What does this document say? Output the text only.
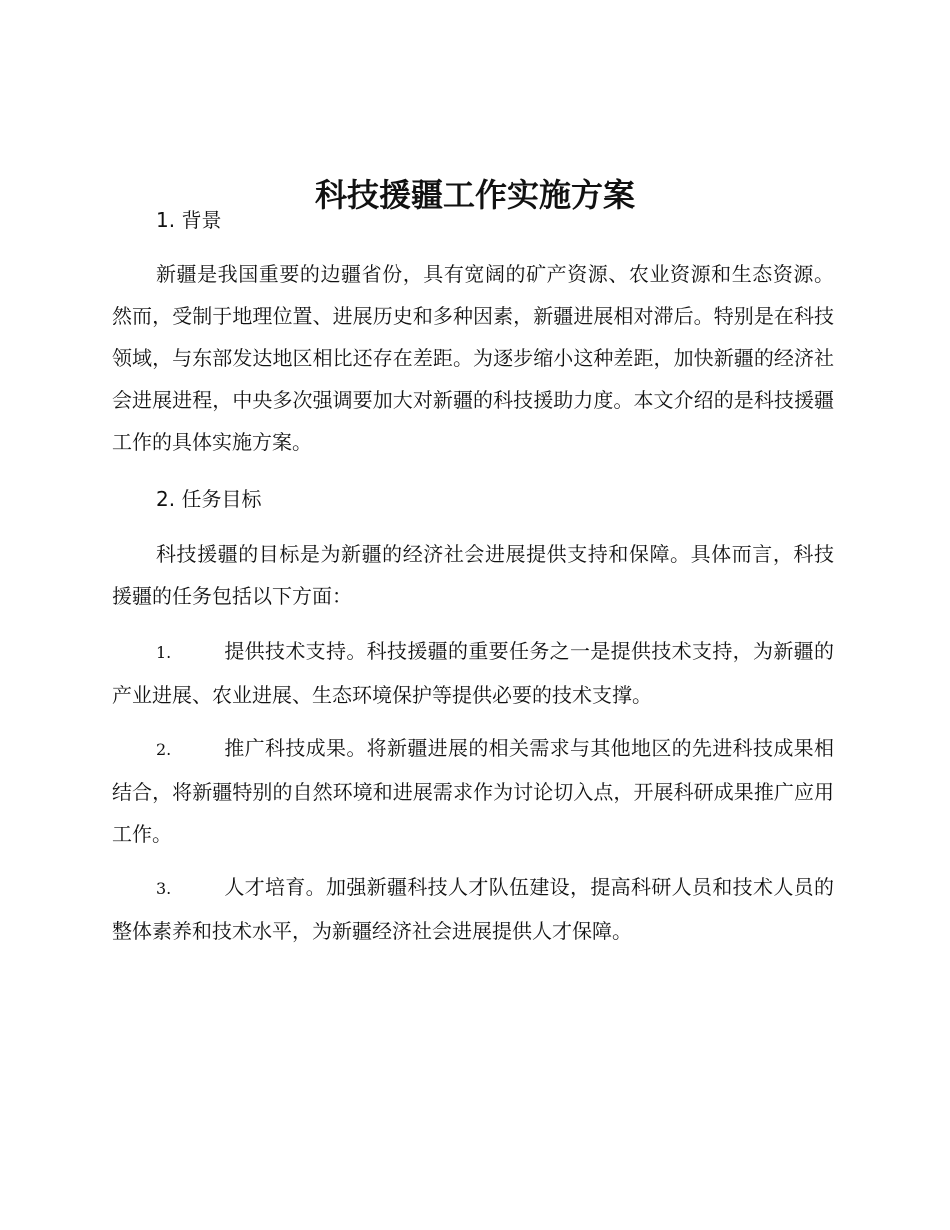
科技援疆工作实施方案
1. 背景

新疆是我国重要的边疆省份，具有宽阔的矿产资源、农业资源和生态资源。然而，受制于地理位置、进展历史和多种因素，新疆进展相对滞后。特别是在科技领域，与东部发达地区相比还存在差距。为逐步缩小这种差距，加快新疆的经济社会进展进程，中央多次强调要加大对新疆的科技援助力度。本文介绍的是科技援疆工作的具体实施方案。

2. 任务目标

科技援疆的目标是为新疆的经济社会进展提供支持和保障。具体而言，科技援疆的任务包括以下方面：

1.	提供技术支持。科技援疆的重要任务之一是提供技术支持，为新疆的产业进展、农业进展、生态环境保护等提供必要的技术支撑。

2.	推广科技成果。将新疆进展的相关需求与其他地区的先进科技成果相结合，将新疆特别的自然环境和进展需求作为讨论切入点，开展科研成果推广应用工作。

3.	人才培育。加强新疆科技人才队伍建设，提高科研人员和技术人员的整体素养和技术水平，为新疆经济社会进展提供人才保障。
